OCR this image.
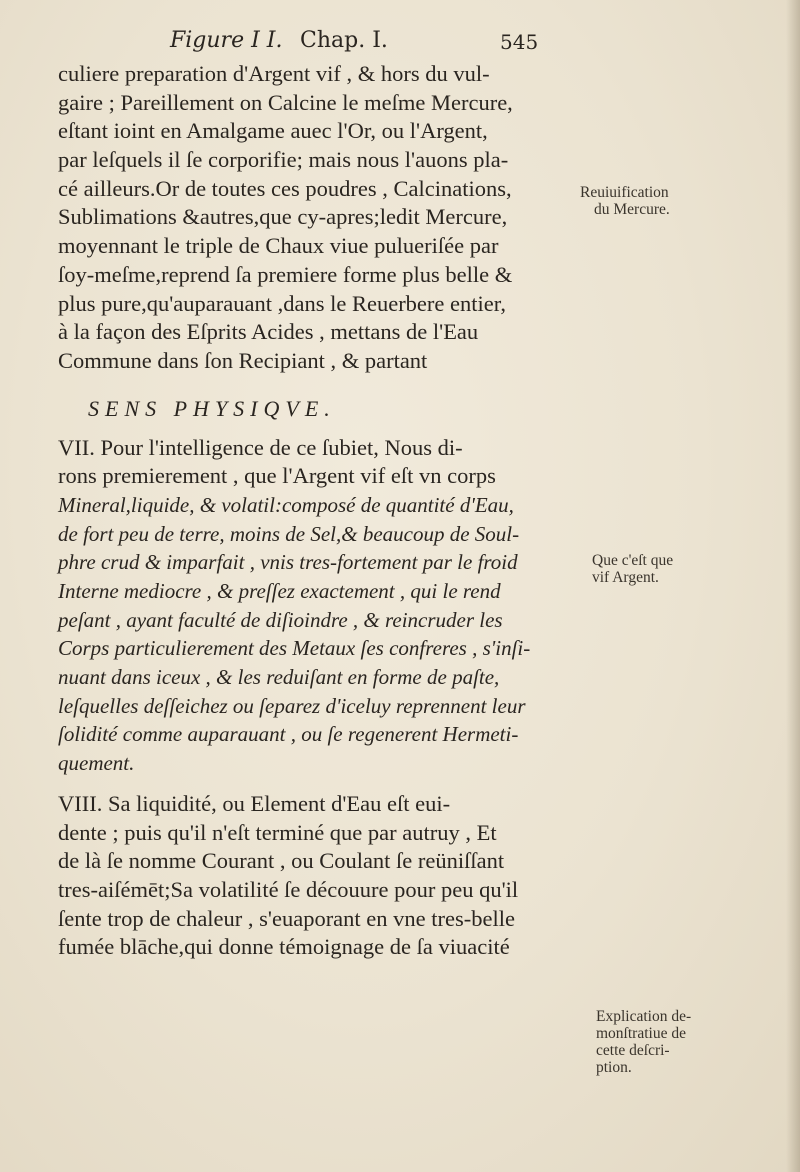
Figure I I. Chap. I.	545
culiere preparation d'Argent vif , & hors du vul-
gaire ; Pareillement on Calcine le meſme Mercure,
eſtant ioint en Amalgame auec l'Or, ou l'Argent,
par leſquels il ſe corporifie; mais nous l'auons pla-
cé ailleurs.Or de toutes ces poudres , Calcinations,
Sublimations &autres,que cy-apres;ledit Mercure,
moyennant le triple de Chaux viue pulueriſée par
ſoy-meſme,reprend ſa premiere forme plus belle &
plus pure,qu'auparauant ,dans le Reuerbere entier,
à la façon des Eſprits Acides , mettans de l'Eau
Commune dans ſon Recipiant , & partant
SENS PHYSIQVE.
VII. Pour l'intelligence de ce ſubiet, Nous di-
rons premierement , que l'Argent vif eſt vn corps
Mineral,liquide, & volatil:composé de quantité d'Eau,
de fort peu de terre, moins de Sel,& beaucoup de Soul-
phre crud & imparfait , vnis tres-fortement par le froid
Interne mediocre , & preſſez exactement , qui le rend
peſant , ayant faculté de diſioindre , & reincruder les
Corps particulierement des Metaux ſes confreres , s'inſi-
nuant dans iceux , & les reduiſant en forme de paſte,
leſquelles deſſeichez ou ſeparez d'iceluy reprennent leur
ſolidité comme auparauant , ou ſe regenerent Hermeti-
quement.
VIII. Sa liquidité, ou Element d'Eau eſt eui-
dente ; puis qu'il n'eſt terminé que par autruy , Et
de là ſe nomme Courant , ou Coulant ſe reüniſſant
tres-aiſémēt;Sa volatilité ſe découure pour peu qu'il
ſente trop de chaleur , s'euaporant en vne tres-belle
fumée blāche,qui donne témoignage de ſa viuacité
Reuiuification
du Mercure.
Que c'eſt que
vif Argent.
Explication de-
monſtratiue de
cette deſcri-
ption.
